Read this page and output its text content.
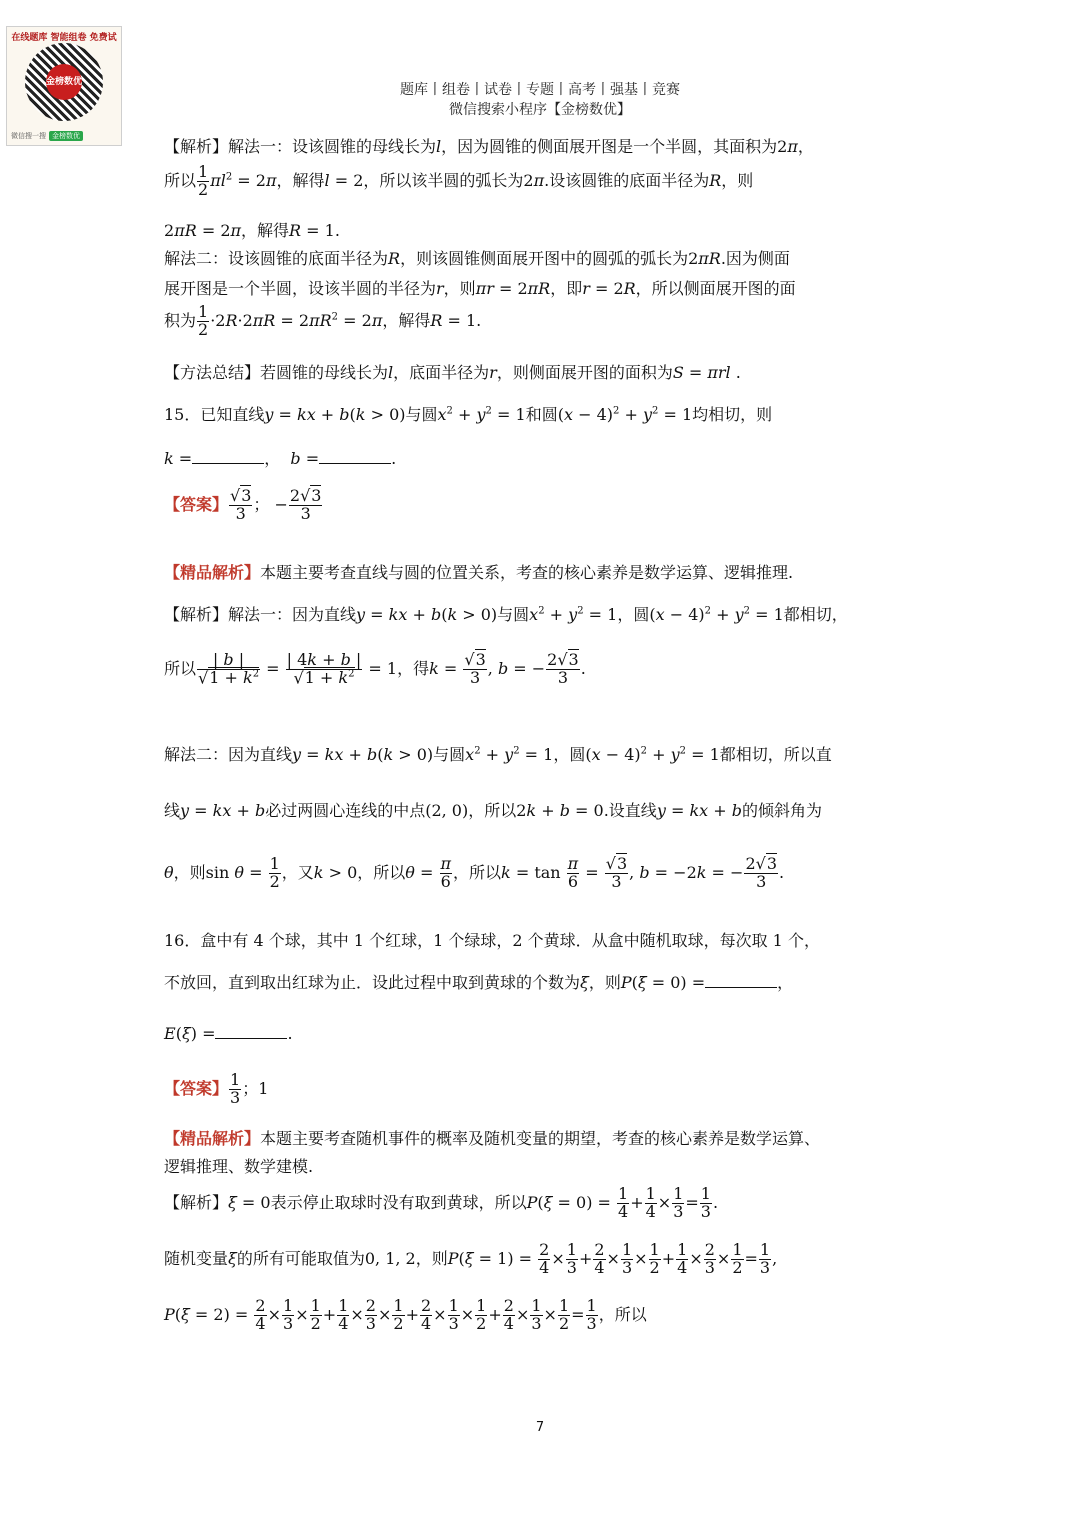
在线题库 智能组卷 免费试
金榜数优
微信搜一搜 金榜数优
题库丨组卷丨试卷丨专题丨高考丨强基丨竞赛
微信搜索小程序【金榜数优】
【解析】解法一：设该圆锥的母线长为l，因为圆锥的侧面展开图是一个半圆，其面积为2π，
所以 $\frac{1}{2} \pi l^2 = 2\pi$，解得l = 2，所以该半圆的弧长为2π.设该圆锥的底面半径为R，则
2πR = 2π，解得R = 1.
解法二：设该圆锥的底面半径为R，则该圆锥侧面展开图中的圆弧的弧长为2πR.因为侧面
展开图是一个半圆，设该半圆的半径为r，则πr = 2πR，即r = 2R，所以侧面展开图的面
积为 $\frac{1}{2} \cdot 2R\cdot 2\pi R = 2\pi R^2 = 2\pi$，解得R = 1.
【方法总结】若圆锥的母线长为l，底面半径为r，则侧面展开图的面积为S = πrl .
15．已知直线y = kx + b(k > 0)与圆$x^2 + y^2 = 1$和圆$(x - 4)^2 + y^2 = 1$均相切，则
k =	，  b =	.
【答案】 $\frac{√3}{3}$ ； − $\frac{2√3}{3}$
【精品解析】本题主要考查直线与圆的位置关系，考查的核心素养是数学运算、逻辑推理.
【解析】解法一：因为直线y = kx + b(k > 0)与圆$x^2 + y^2 = 1$，圆$(x - 4)^2 + y^2 = 1$都相切，
所以 $\frac{| b |}{√1 + k^2} = \frac{| 4k + b |}{√1 + k^2} = 1$，得$k = \frac{√3}{3}$ , b = − $\frac{2√3}{3}$ .
解法二：因为直线y = kx + b(k > 0)与圆$x^2 + y^2 = 1$，圆$(x - 4)^2 + y^2 = 1$都相切，所以直
线y = kx + b必过两圆心连线的中点(2, 0)，所以2k + b = 0.设直线y = kx + b的倾斜角为
θ，则$\sin \theta = \frac{1}{2}$ ，又k > 0，所以$\theta = \frac{\pi}{6}$ ，所以$k = \tan \frac{\pi}{6} = \frac{√3}{3}$ , b = −2k = − $\frac{2√3}{3}$ .
16．盒中有 4 个球，其中 1 个红球，1 个绿球，2 个黄球．从盒中随机取球，每次取 1 个，
不放回，直到取出红球为止．设此过程中取到黄球的个数为ξ，则P(ξ = 0) =	，
E(ξ) =	.
【答案】 $\frac{1}{3}$ ；1
【精品解析】本题主要考查随机事件的概率及随机变量的期望，考查的核心素养是数学运算、
逻辑推理、数学建模.
【解析】ξ = 0表示停止取球时没有取到黄球，所以$P(\xi = 0) = \frac{1}{4} + \frac{1}{4} \times \frac{1}{3} = \frac{1}{3}$ .
随机变量ξ的所有可能取值为0, 1, 2，则$P(\xi = 1) = \frac{2}{4} \times \frac{1}{3} + \frac{2}{4} \times \frac{1}{3} \times \frac{1}{2} + \frac{1}{4} \times \frac{2}{3} \times \frac{1}{2} = \frac{1}{3}$ ,
$P(\xi = 2) = \frac{2}{4} \times \frac{1}{3} \times \frac{1}{2} + \frac{1}{4} \times \frac{2}{3} \times \frac{1}{2} + \frac{2}{4} \times \frac{1}{3} \times \frac{1}{2} + \frac{2}{4} \times \frac{1}{3} \times \frac{1}{2} = \frac{1}{3}$ ，所以
7
